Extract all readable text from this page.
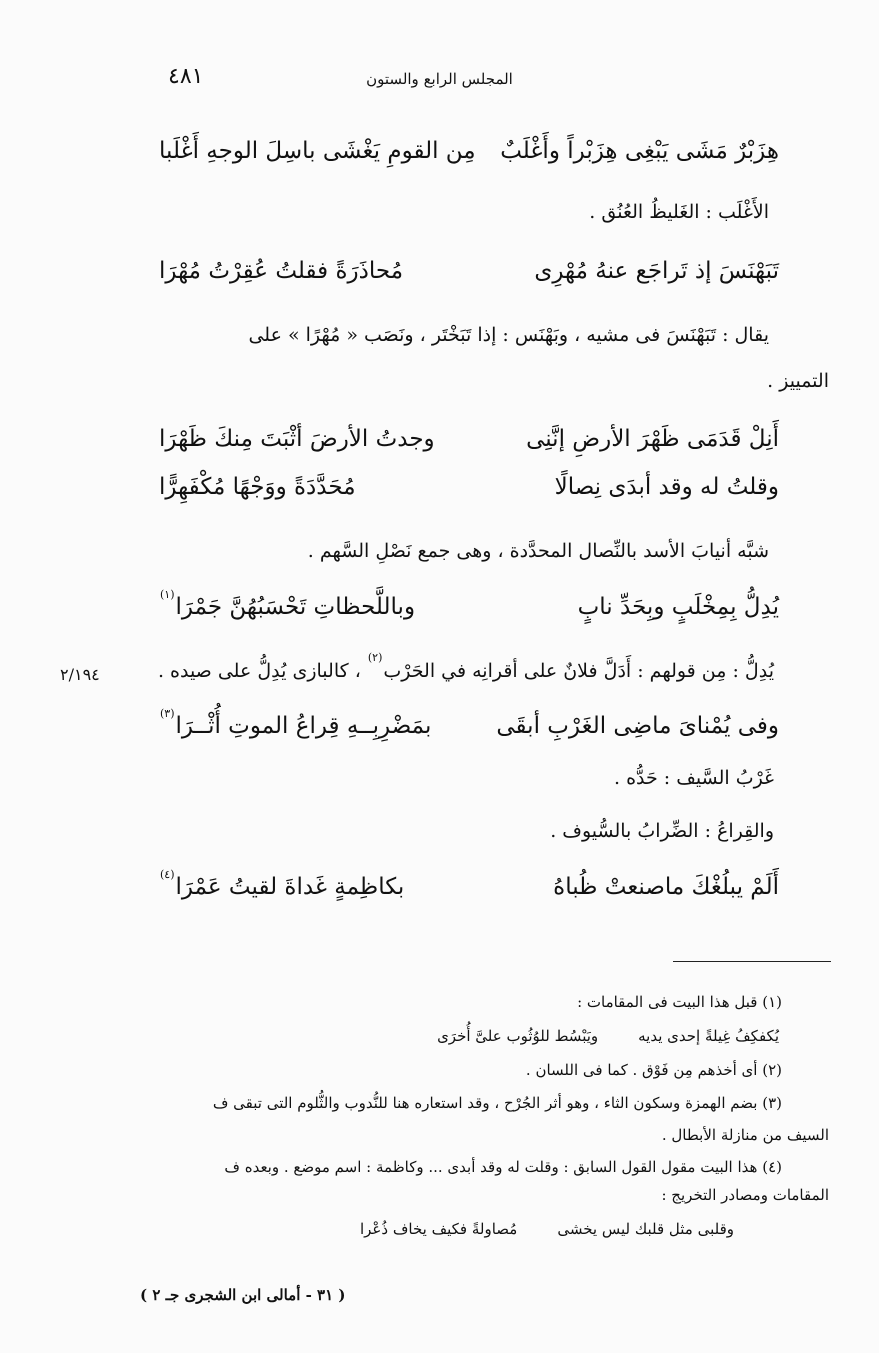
٤٨١	المجلس الرابع والستون
هِزَبْرٌ مَشَى يَبْغِى هِزَبْراً وأَغْلَبٌ
مِن القومِ يَغْشَى باسِلَ الوجهِ أَغْلَبا
الأَغْلَب : الغَليظُ العُنُق .
تَبَهْنَسَ إذ تَراجَع عنهُ مُهْرِى
مُحاذَرَةً فقلتُ عُقِرْتُ مُهْرَا
يقال : تَبَهْنَسَ فى مشيه ، وبَهْنَس : إذا تَبَخْتَر ، ونَصَب « مُهْرًا » على
التمييز .
أَنِلْ قَدَمَى ظَهْرَ الأرضِ إنَّنِى
وجدتُ الأرضَ أثْبَتَ مِنكَ ظَهْرَا
وقلتُ له وقد أبدَى نِصالًا
مُحَدَّدَةً ووَجْهًا مُكْفَهِرًّا
شبَّه أنيابَ الأسد بالنِّصال المحدَّدة ، وهى جمع نَصْلِ السَّهم .
يُدِلُّ بِمِخْلَبٍ وبِحَدِّ نابٍ
وباللَّحظاتِ تَحْسَبُهُنَّ جَمْرَا$^{(١)}$
يُدِلُّ : مِن قولهم : أَدَلَّ فلانٌ على أقرانِه في الحَرْب$^{(٢)}$ ، كالبازى يُدِلُّ على صيده .
٢/١٩٤
وفى يُمْناىَ ماضِى الغَرْبِ أبقَى
بمَضْرِبِــهِ قِراعُ الموتِ أُثْــرَا$^{(٣)}$
غَرْبُ السَّيف : حَدُّه .
والقِراعُ : الضِّرابُ بالسُّيوف .
أَلَمْ يبلُغْكَ ماصنعتْ ظُباهُ
بكاظِمةٍ غَداةَ لقيتُ عَمْرَا$^{(٤)}$
(١) قبل هذا البيت فى المقامات :
يُكفكِفُ غِيلةً إحدى يديه
ويَبْسُط للوُثُوب علىَّ أُخرَى
(٢) أى أخذهم مِن فَوْق . كما فى اللسان .
(٣) بضم الهمزة وسكون الثاء ، وهو أثر الجُرْح ، وقد استعاره هنا للنُّدوب والثُّلوم التى تبقى ف
السيف من منازلة الأبطال .
(٤) هذا البيت مقول القول السابق : وقلت له وقد أبدى ... وكاظمة : اسم موضع . وبعده ف
المقامات ومصادر التخريج :
وقلبى مثل قلبك ليس يخشى
مُصاولةً فكيف يخاف ذُعْرا
( ٣١ - أمالى ابن الشجرى جـ ٢ )
